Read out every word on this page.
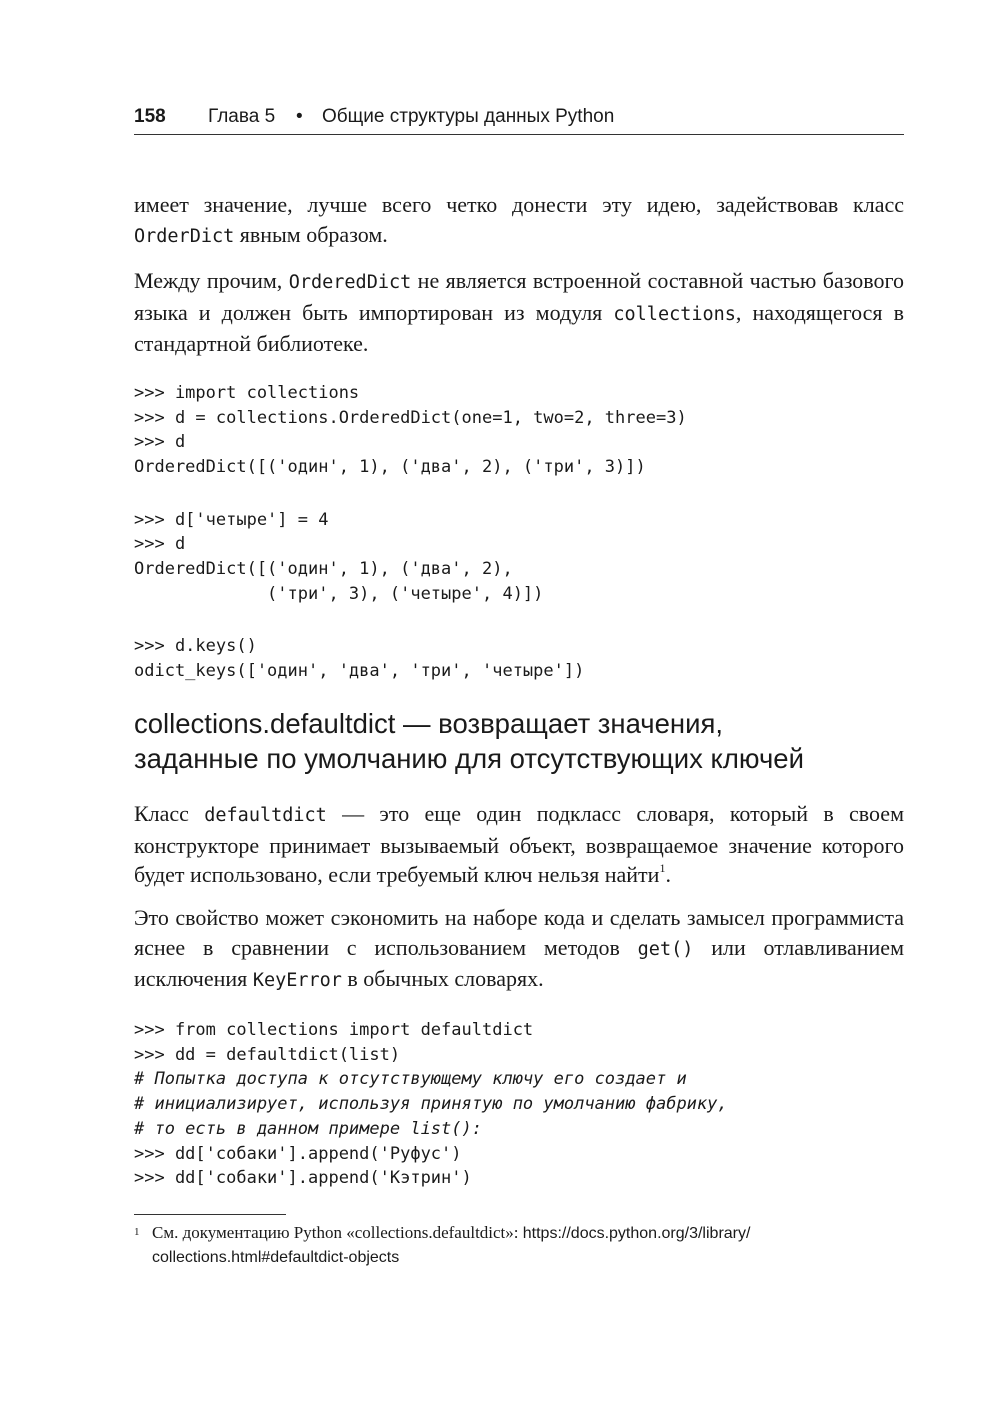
158 Глава 5 • Общие структуры данных Python

имеет значение, лучше всего четко донести эту идею, задействовав класс OrderDict явным образом.

Между прочим, OrderedDict не является встроенной составной частью базового языка и должен быть импортирован из модуля collections, находящегося в стандартной библиотеке.

>>> import collections
>>> d = collections.OrderedDict(one=1, two=2, three=3)
>>> d
OrderedDict([('один', 1), ('два', 2), ('три', 3)])

>>> d['четыре'] = 4
>>> d
OrderedDict([('один', 1), ('два', 2),
('три', 3), ('четыре', 4)])

>>> d.keys()
odict_keys(['один', 'два', 'три', 'четыре'])
collections.defaultdict — возвращает значения,
заданные по умолчанию для отсутствующих ключей

Класс defaultdict — это еще один подкласс словаря, который в своем конструкторе принимает вызываемый объект, возвращаемое значение которого будет использовано, если требуемый ключ нельзя найти$^1$.

Это свойство может сэкономить на наборе кода и сделать замысел программиста яснее в сравнении с использованием методов get() или отлавливанием исключения KeyError в обычных словарях.

>>> from collections import defaultdict
>>> dd = defaultdict(list)
# Попытка доступа к отсутствующему ключу его создает и
# инициализирует, используя принятую по умолчанию фабрику,
# то есть в данном примере list():
>>> dd['собаки'].append('Руфус')
>>> dd['собаки'].append('Кэтрин')
1 См. документацию Python «collections.defaultdict»: https://docs.python.org/3/library/
collections.html#defaultdict-objects
